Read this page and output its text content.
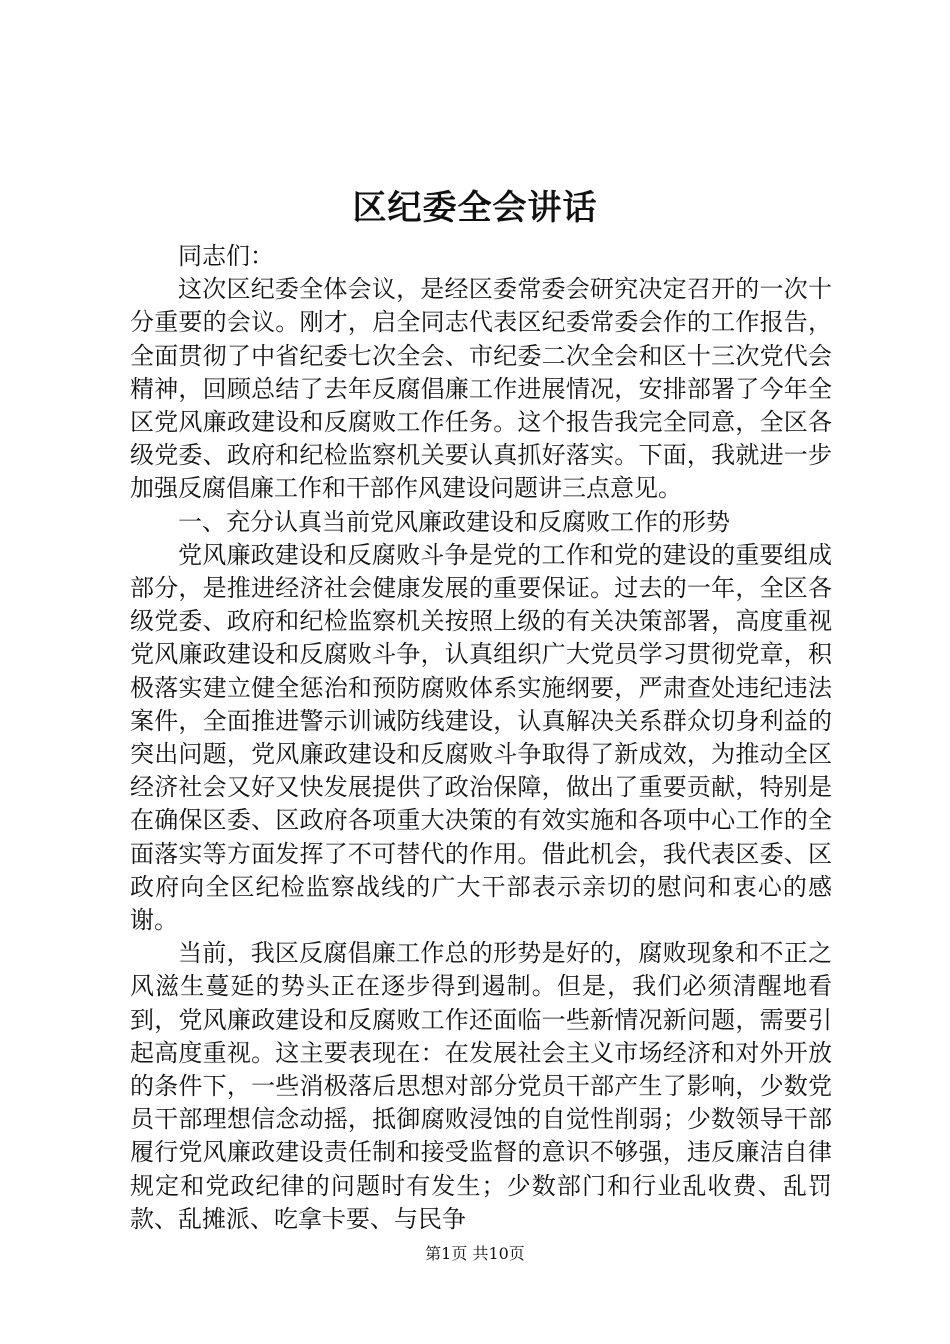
区纪委全会讲话

同志们：

这次区纪委全体会议，是经区委常委会研究决定召开的一次十分重要的会议。刚才，启全同志代表区纪委常委会作的工作报告，全面贯彻了中省纪委七次全会、市纪委二次全会和区十三次党代会精神，回顾总结了去年反腐倡廉工作进展情况，安排部署了今年全区党风廉政建设和反腐败工作任务。这个报告我完全同意，全区各级党委、政府和纪检监察机关要认真抓好落实。下面，我就进一步加强反腐倡廉工作和干部作风建设问题讲三点意见。

一、充分认真当前党风廉政建设和反腐败工作的形势

党风廉政建设和反腐败斗争是党的工作和党的建设的重要组成部分，是推进经济社会健康发展的重要保证。过去的一年，全区各级党委、政府和纪检监察机关按照上级的有关决策部署，高度重视党风廉政建设和反腐败斗争，认真组织广大党员学习贯彻党章，积极落实建立健全惩治和预防腐败体系实施纲要，严肃查处违纪违法案件，全面推进警示训诫防线建设，认真解决关系群众切身利益的突出问题，党风廉政建设和反腐败斗争取得了新成效，为推动全区经济社会又好又快发展提供了政治保障，做出了重要贡献，特别是在确保区委、区政府各项重大决策的有效实施和各项中心工作的全面落实等方面发挥了不可替代的作用。借此机会，我代表区委、区政府向全区纪检监察战线的广大干部表示亲切的慰问和衷心的感谢。

当前，我区反腐倡廉工作总的形势是好的，腐败现象和不正之风滋生蔓延的势头正在逐步得到遏制。但是，我们必须清醒地看到，党风廉政建设和反腐败工作还面临一些新情况新问题，需要引起高度重视。这主要表现在：在发展社会主义市场经济和对外开放的条件下，一些消极落后思想对部分党员干部产生了影响，少数党员干部理想信念动摇，抵御腐败浸蚀的自觉性削弱；少数领导干部履行党风廉政建设责任制和接受监督的意识不够强，违反廉洁自律规定和党政纪律的问题时有发生；少数部门和行业乱收费、乱罚款、乱摊派、吃拿卡要、与民争

第1页 共10页
